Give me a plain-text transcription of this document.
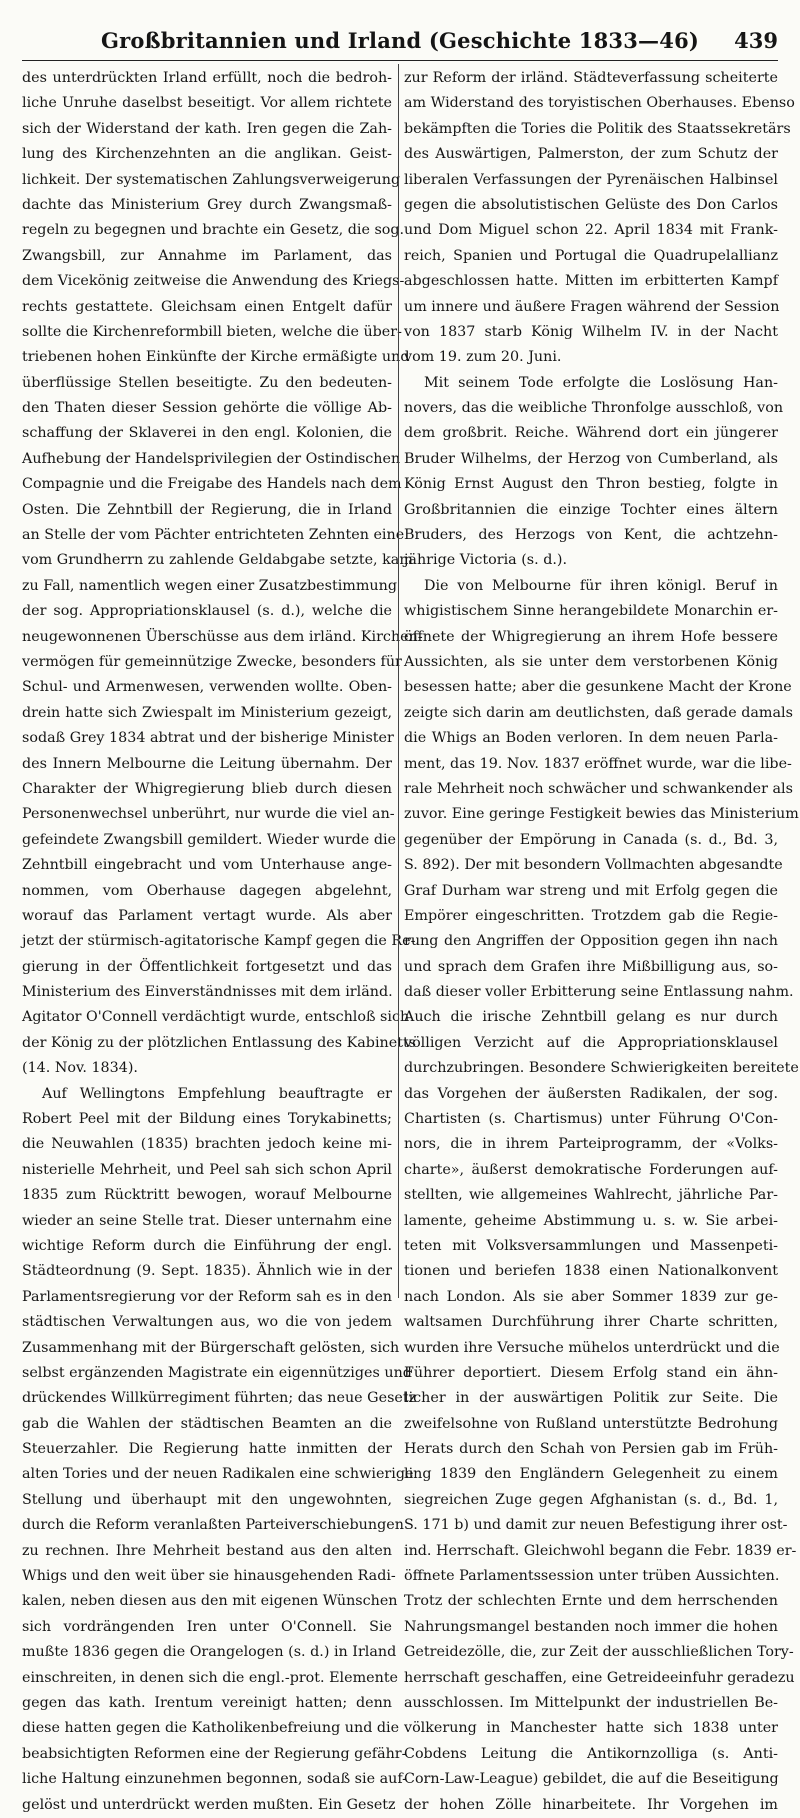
Großbritannien und Irland (Geschichte 1833—46)	439
des unterdrückten Irland erfüllt, noch die bedroh-
liche Unruhe daselbst beseitigt. Vor allem richtete
sich der Widerstand der kath. Iren gegen die Zah-
lung des Kirchenzehnten an die anglikan. Geist-
lichkeit. Der systematischen Zahlungsverweigerung
dachte das Ministerium Grey durch Zwangsmaß-
regeln zu begegnen und brachte ein Gesetz, die sog.
Zwangsbill, zur Annahme im Parlament, das
dem Vicekönig zeitweise die Anwendung des Kriegs-
rechts gestattete. Gleichsam einen Entgelt dafür
sollte die Kirchenreformbill bieten, welche die über-
triebenen hohen Einkünfte der Kirche ermäßigte und
überflüssige Stellen beseitigte. Zu den bedeuten-
den Thaten dieser Session gehörte die völlige Ab-
schaffung der Sklaverei in den engl. Kolonien, die
Aufhebung der Handelsprivilegien der Ostindischen
Compagnie und die Freigabe des Handels nach dem
Osten. Die Zehntbill der Regierung, die in Irland
an Stelle der vom Pächter entrichteten Zehnten eine
vom Grundherrn zu zahlende Geldabgabe setzte, kam
zu Fall, namentlich wegen einer Zusatzbestimmung
der sog. Appropriationsklausel (s. d.), welche die
neugewonnenen Überschüsse aus dem irländ. Kirchen-
vermögen für gemeinnützige Zwecke, besonders für
Schul- und Armenwesen, verwenden wollte. Oben-
drein hatte sich Zwiespalt im Ministerium gezeigt,
sodaß Grey 1834 abtrat und der bisherige Minister
des Innern Melbourne die Leitung übernahm. Der
Charakter der Whigregierung blieb durch diesen
Personenwechsel unberührt, nur wurde die viel an-
gefeindete Zwangsbill gemildert. Wieder wurde die
Zehntbill eingebracht und vom Unterhause ange-
nommen, vom Oberhause dagegen abgelehnt,
worauf das Parlament vertagt wurde. Als aber
jetzt der stürmisch-agitatorische Kampf gegen die Re-
gierung in der Öffentlichkeit fortgesetzt und das
Ministerium des Einverständnisses mit dem irländ.
Agitator O'Connell verdächtigt wurde, entschloß sich
der König zu der plötzlichen Entlassung des Kabinetts
(14. Nov. 1834).
Auf Wellingtons Empfehlung beauftragte er
Robert Peel mit der Bildung eines Torykabinetts;
die Neuwahlen (1835) brachten jedoch keine mi-
nisterielle Mehrheit, und Peel sah sich schon April
1835 zum Rücktritt bewogen, worauf Melbourne
wieder an seine Stelle trat. Dieser unternahm eine
wichtige Reform durch die Einführung der engl.
Städteordnung (9. Sept. 1835). Ähnlich wie in der
Parlamentsregierung vor der Reform sah es in den
städtischen Verwaltungen aus, wo die von jedem
Zusammenhang mit der Bürgerschaft gelösten, sich
selbst ergänzenden Magistrate ein eigennütziges und
drückendes Willkürregiment führten; das neue Gesetz
gab die Wahlen der städtischen Beamten an die
Steuerzahler. Die Regierung hatte inmitten der
alten Tories und der neuen Radikalen eine schwierige
Stellung und überhaupt mit den ungewohnten,
durch die Reform veranlaßten Parteiverschiebungen
zu rechnen. Ihre Mehrheit bestand aus den alten
Whigs und den weit über sie hinausgehenden Radi-
kalen, neben diesen aus den mit eigenen Wünschen
sich vordrängenden Iren unter O'Connell. Sie
mußte 1836 gegen die Orangelogen (s. d.) in Irland
einschreiten, in denen sich die engl.-prot. Elemente
gegen das kath. Irentum vereinigt hatten; denn
diese hatten gegen die Katholikenbefreiung und die
beabsichtigten Reformen eine der Regierung gefähr-
liche Haltung einzunehmen begonnen, sodaß sie auf-
gelöst und unterdrückt werden mußten. Ein Gesetz
zur Reform der irländ. Städteverfassung scheiterte
am Widerstand des toryistischen Oberhauses. Ebenso
bekämpften die Tories die Politik des Staatssekretärs
des Auswärtigen, Palmerston, der zum Schutz der
liberalen Verfassungen der Pyrenäischen Halbinsel
gegen die absolutistischen Gelüste des Don Carlos
und Dom Miguel schon 22. April 1834 mit Frank-
reich, Spanien und Portugal die Quadrupelallianz
abgeschlossen hatte. Mitten im erbitterten Kampf
um innere und äußere Fragen während der Session
von 1837 starb König Wilhelm IV. in der Nacht
vom 19. zum 20. Juni.
Mit seinem Tode erfolgte die Loslösung Han-
novers, das die weibliche Thronfolge ausschloß, von
dem großbrit. Reiche. Während dort ein jüngerer
Bruder Wilhelms, der Herzog von Cumberland, als
König Ernst August den Thron bestieg, folgte in
Großbritannien die einzige Tochter eines ältern
Bruders, des Herzogs von Kent, die achtzehn-
jährige Victoria (s. d.).
Die von Melbourne für ihren königl. Beruf in
whigistischem Sinne herangebildete Monarchin er-
öffnete der Whigregierung an ihrem Hofe bessere
Aussichten, als sie unter dem verstorbenen König
besessen hatte; aber die gesunkene Macht der Krone
zeigte sich darin am deutlichsten, daß gerade damals
die Whigs an Boden verloren. In dem neuen Parla-
ment, das 19. Nov. 1837 eröffnet wurde, war die libe-
rale Mehrheit noch schwächer und schwankender als
zuvor. Eine geringe Festigkeit bewies das Ministerium
gegenüber der Empörung in Canada (s. d., Bd. 3,
S. 892). Der mit besondern Vollmachten abgesandte
Graf Durham war streng und mit Erfolg gegen die
Empörer eingeschritten. Trotzdem gab die Regie-
rung den Angriffen der Opposition gegen ihn nach
und sprach dem Grafen ihre Mißbilligung aus, so-
daß dieser voller Erbitterung seine Entlassung nahm.
Auch die irische Zehntbill gelang es nur durch
völligen Verzicht auf die Appropriationsklausel
durchzubringen. Besondere Schwierigkeiten bereitete
das Vorgehen der äußersten Radikalen, der sog.
Chartisten (s. Chartismus) unter Führung O'Con-
nors, die in ihrem Parteiprogramm, der «Volks-
charte», äußerst demokratische Forderungen auf-
stellten, wie allgemeines Wahlrecht, jährliche Par-
lamente, geheime Abstimmung u. s. w. Sie arbei-
teten mit Volksversammlungen und Massenpeti-
tionen und beriefen 1838 einen Nationalkonvent
nach London. Als sie aber Sommer 1839 zur ge-
waltsamen Durchführung ihrer Charte schritten,
wurden ihre Versuche mühelos unterdrückt und die
Führer deportiert. Diesem Erfolg stand ein ähn-
licher in der auswärtigen Politik zur Seite. Die
zweifelsohne von Rußland unterstützte Bedrohung
Herats durch den Schah von Persien gab im Früh-
ling 1839 den Engländern Gelegenheit zu einem
siegreichen Zuge gegen Afghanistan (s. d., Bd. 1,
S. 171 b) und damit zur neuen Befestigung ihrer ost-
ind. Herrschaft. Gleichwohl begann die Febr. 1839 er-
öffnete Parlamentssession unter trüben Aussichten.
Trotz der schlechten Ernte und dem herrschenden
Nahrungsmangel bestanden noch immer die hohen
Getreidezölle, die, zur Zeit der ausschließlichen Tory-
herrschaft geschaffen, eine Getreideeinfuhr geradezu
ausschlossen. Im Mittelpunkt der industriellen Be-
völkerung in Manchester hatte sich 1838 unter
Cobdens Leitung die Antikornzolliga (s. Anti-
Corn-Law-League) gebildet, die auf die Beseitigung
der hohen Zölle hinarbeitete. Ihr Vorgehen im
